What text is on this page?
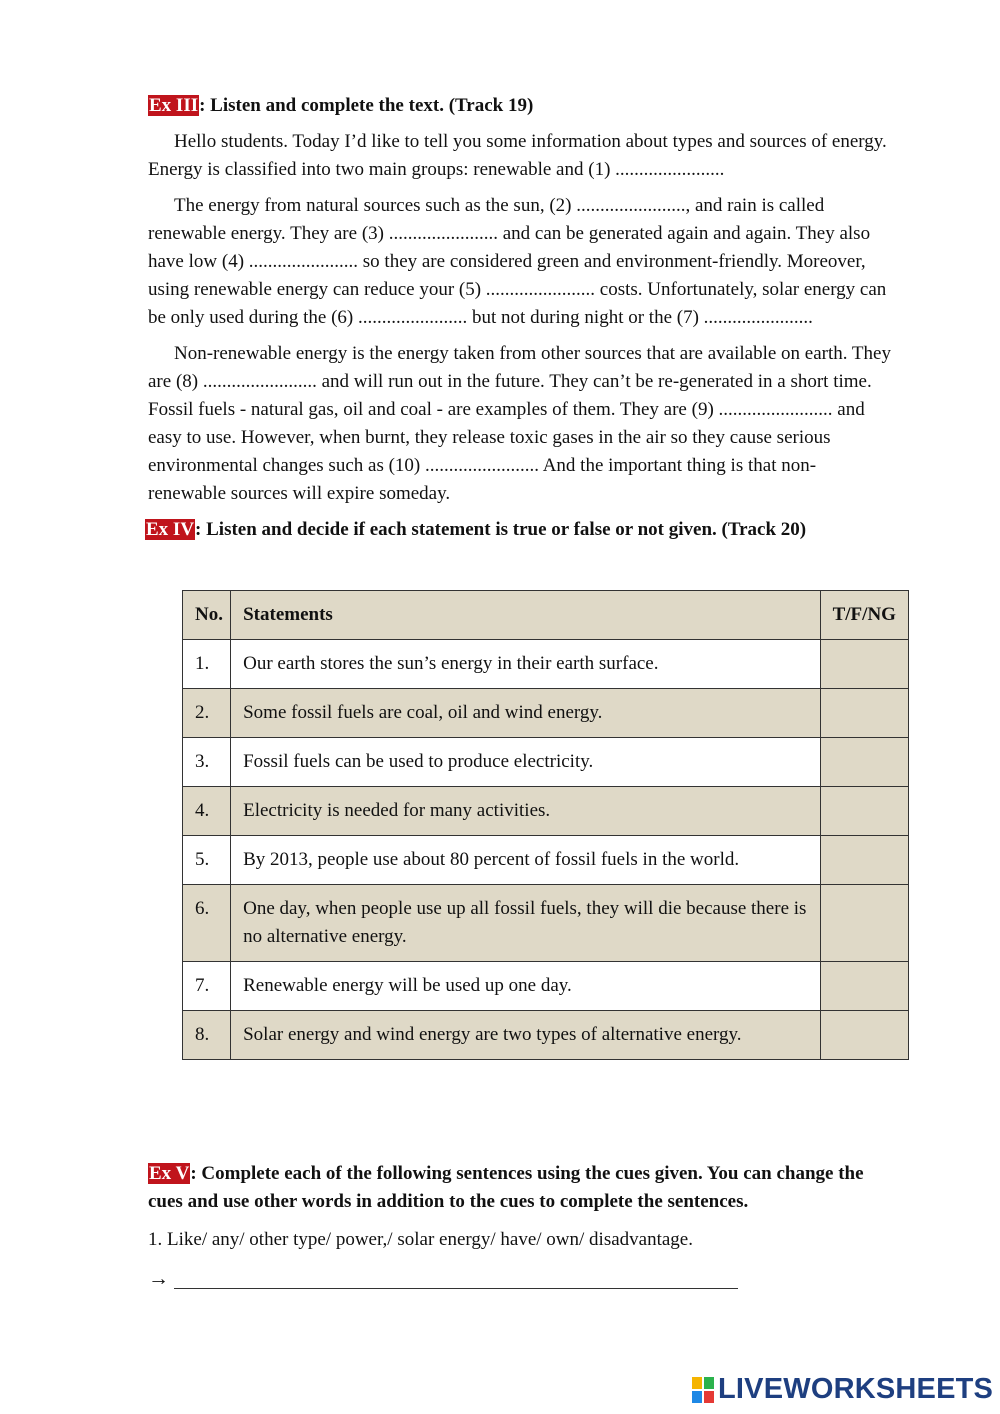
Ex III: Listen and complete the text. (Track 19)

Hello students. Today I’d like to tell you some information about types and sources of energy. Energy is classified into two main groups: renewable and (1) .......................

The energy from natural sources such as the sun, (2) ......................., and rain is called renewable energy. They are (3) ....................... and can be generated again and again. They also have low (4) ....................... so they are considered green and environment-friendly. Moreover, using renewable energy can reduce your (5) ....................... costs. Unfortunately, solar energy can be only used during the (6) ....................... but not during night or the (7) .......................

Non-renewable energy is the energy taken from other sources that are available on earth. They are (8) ........................ and will run out in the future. They can’t be re-generated in a short time. Fossil fuels - natural gas, oil and coal - are examples of them. They are (9) ........................ and easy to use. However, when burnt, they release toxic gases in the air so they cause serious environmental changes such as (10) ........................ And the important thing is that non-renewable sources will expire someday.

Ex IV: Listen and decide if each statement is true or false or not given. (Track 20)

No.	Statements	T/F/NG
1.	Our earth stores the sun’s energy in their earth surface.	
2.	Some fossil fuels are coal, oil and wind energy.	
3.	Fossil fuels can be used to produce electricity.	
4.	Electricity is needed for many activities.	
5.	By 2013, people use about 80 percent of fossil fuels in the world.	
6.	One day, when people use up all fossil fuels, they will die because there is no alternative energy.	
7.	Renewable energy will be used up one day.	
8.	Solar energy and wind energy are two types of alternative energy.	

Ex V: Complete each of the following sentences using the cues given. You can change the cues and use other words in addition to the cues to complete the sentences.

1. Like/ any/ other type/ power,/ solar energy/ have/ own/ disadvantage.

→
LIVEWORKSHEETS
